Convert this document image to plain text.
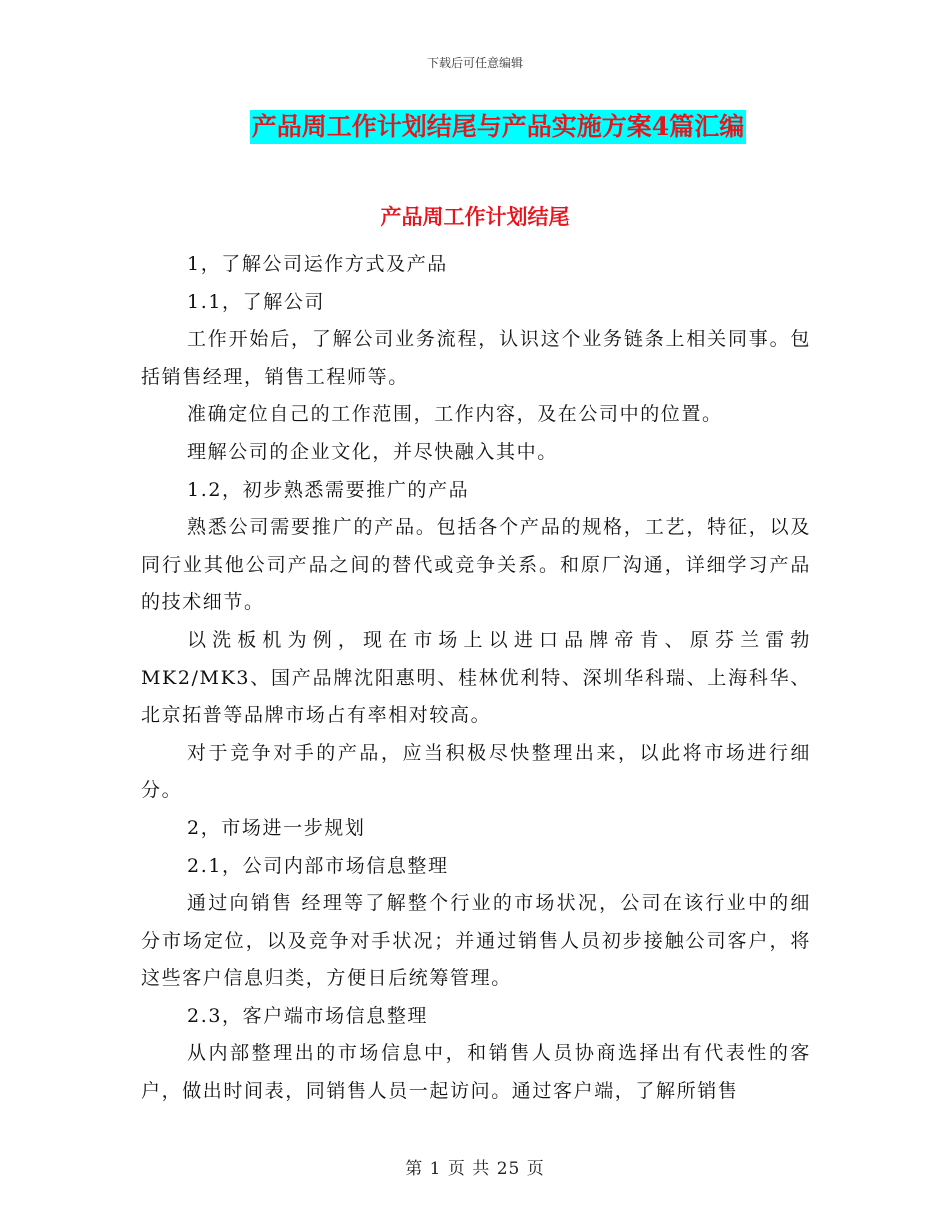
下载后可任意编辑
产品周工作计划结尾与产品实施方案4篇汇编
产品周工作计划结尾

1，了解公司运作方式及产品

1.1，了解公司

工作开始后，了解公司业务流程，认识这个业务链条上相关同事。包括销售经理，销售工程师等。

准确定位自己的工作范围，工作内容，及在公司中的位置。

理解公司的企业文化，并尽快融入其中。

1.2，初步熟悉需要推广的产品

熟悉公司需要推广的产品。包括各个产品的规格，工艺，特征，以及同行业其他公司产品之间的替代或竞争关系。和原厂沟通，详细学习产品的技术细节。

以洗板机为例，现在市场上以进口品牌帝肯、原芬兰雷勃MK2/MK3、国产品牌沈阳惠明、桂林优利特、深圳华科瑞、上海科华、北京拓普等品牌市场占有率相对较高。

对于竞争对手的产品，应当积极尽快整理出来，以此将市场进行细分。

2，市场进一步规划

2.1，公司内部市场信息整理

通过向销售 经理等了解整个行业的市场状况，公司在该行业中的细分市场定位，以及竞争对手状况；并通过销售人员初步接触公司客户，将这些客户信息归类，方便日后统筹管理。

2.3，客户端市场信息整理

从内部整理出的市场信息中，和销售人员协商选择出有代表性的客户，做出时间表，同销售人员一起访问。通过客户端，了解所销售

第 1 页 共 25 页
